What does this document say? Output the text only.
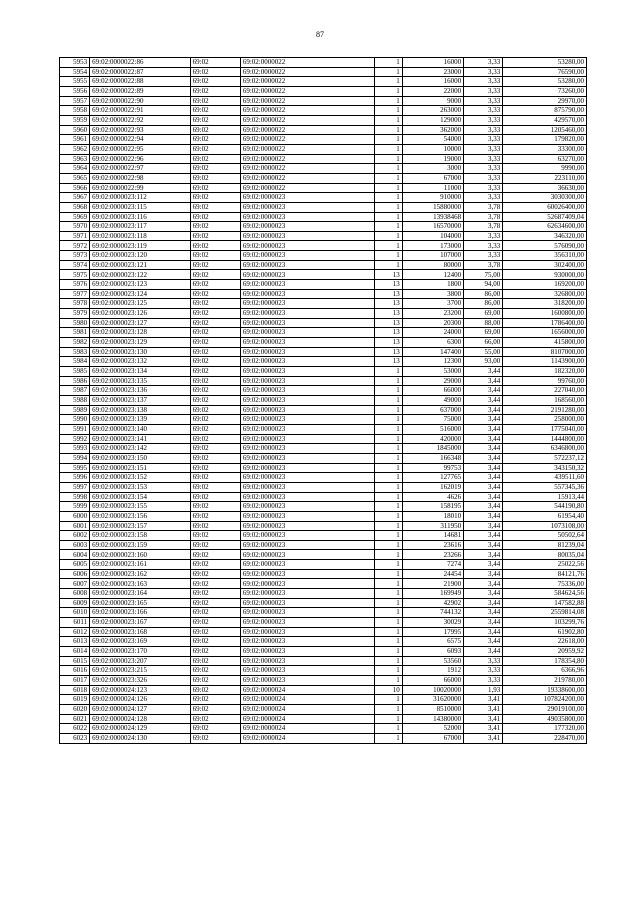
87
5953	69:02:0000022:86	69:02	69:02:0000022	1	16000	3,33	53280,00
5954	69:02:0000022:87	69:02	69:02:0000022	1	23000	3,33	76590,00
5955	69:02:0000022:88	69:02	69:02:0000022	1	16000	3,33	53280,00
5956	69:02:0000022:89	69:02	69:02:0000022	1	22000	3,33	73260,00
5957	69:02:0000022:90	69:02	69:02:0000022	1	9000	3,33	29970,00
5958	69:02:0000022:91	69:02	69:02:0000022	1	263000	3,33	875790,00
5959	69:02:0000022:92	69:02	69:02:0000022	1	129000	3,33	429570,00
5960	69:02:0000022:93	69:02	69:02:0000022	1	362000	3,33	1205460,00
5961	69:02:0000022:94	69:02	69:02:0000022	1	54000	3,33	179820,00
5962	69:02:0000022:95	69:02	69:02:0000022	1	10000	3,33	33300,00
5963	69:02:0000022:96	69:02	69:02:0000022	1	19000	3,33	63270,00
5964	69:02:0000022:97	69:02	69:02:0000022	1	3000	3,33	9990,00
5965	69:02:0000022:98	69:02	69:02:0000022	1	67000	3,33	223110,00
5966	69:02:0000022:99	69:02	69:02:0000022	1	11000	3,33	36630,00
5967	69:02:0000023:112	69:02	69:02:0000023	1	910000	3,33	3030300,00
5968	69:02:0000023:115	69:02	69:02:0000023	1	15880000	3,78	60026400,00
5969	69:02:0000023:116	69:02	69:02:0000023	1	13938468	3,78	52687409,04
5970	69:02:0000023:117	69:02	69:02:0000023	1	16570000	3,78	62634600,00
5971	69:02:0000023:118	69:02	69:02:0000023	1	104000	3,33	346320,00
5972	69:02:0000023:119	69:02	69:02:0000023	1	173000	3,33	576090,00
5973	69:02:0000023:120	69:02	69:02:0000023	1	107000	3,33	356310,00
5974	69:02:0000023:121	69:02	69:02:0000023	1	80000	3,78	302400,00
5975	69:02:0000023:122	69:02	69:02:0000023	13	12400	75,00	930000,00
5976	69:02:0000023:123	69:02	69:02:0000023	13	1800	94,00	169200,00
5977	69:02:0000023:124	69:02	69:02:0000023	13	3800	86,00	326800,00
5978	69:02:0000023:125	69:02	69:02:0000023	13	3700	86,00	318200,00
5979	69:02:0000023:126	69:02	69:02:0000023	13	23200	69,00	1600800,00
5980	69:02:0000023:127	69:02	69:02:0000023	13	20300	88,00	1786400,00
5981	69:02:0000023:128	69:02	69:02:0000023	13	24000	69,00	1656000,00
5982	69:02:0000023:129	69:02	69:02:0000023	13	6300	66,00	415800,00
5983	69:02:0000023:130	69:02	69:02:0000023	13	147400	55,00	8107000,00
5984	69:02:0000023:132	69:02	69:02:0000023	13	12300	93,00	1143900,00
5985	69:02:0000023:134	69:02	69:02:0000023	1	53000	3,44	182320,00
5986	69:02:0000023:135	69:02	69:02:0000023	1	29000	3,44	99760,00
5987	69:02:0000023:136	69:02	69:02:0000023	1	66000	3,44	227040,00
5988	69:02:0000023:137	69:02	69:02:0000023	1	49000	3,44	168560,00
5989	69:02:0000023:138	69:02	69:02:0000023	1	637000	3,44	2191280,00
5990	69:02:0000023:139	69:02	69:02:0000023	1	75000	3,44	258000,00
5991	69:02:0000023:140	69:02	69:02:0000023	1	516000	3,44	1775040,00
5992	69:02:0000023:141	69:02	69:02:0000023	1	420000	3,44	1444800,00
5993	69:02:0000023:142	69:02	69:02:0000023	1	1845000	3,44	6346800,00
5994	69:02:0000023:150	69:02	69:02:0000023	1	166348	3,44	572237,12
5995	69:02:0000023:151	69:02	69:02:0000023	1	99753	3,44	343150,32
5996	69:02:0000023:152	69:02	69:02:0000023	1	127765	3,44	439511,60
5997	69:02:0000023:153	69:02	69:02:0000023	1	162019	3,44	557345,36
5998	69:02:0000023:154	69:02	69:02:0000023	1	4626	3,44	15913,44
5999	69:02:0000023:155	69:02	69:02:0000023	1	158195	3,44	544190,80
6000	69:02:0000023:156	69:02	69:02:0000023	1	18010	3,44	61954,40
6001	69:02:0000023:157	69:02	69:02:0000023	1	311950	3,44	1073108,00
6002	69:02:0000023:158	69:02	69:02:0000023	1	14681	3,44	50502,64
6003	69:02:0000023:159	69:02	69:02:0000023	1	23616	3,44	81239,04
6004	69:02:0000023:160	69:02	69:02:0000023	1	23266	3,44	80035,04
6005	69:02:0000023:161	69:02	69:02:0000023	1	7274	3,44	25022,56
6006	69:02:0000023:162	69:02	69:02:0000023	1	24454	3,44	84121,76
6007	69:02:0000023:163	69:02	69:02:0000023	1	21900	3,44	75336,00
6008	69:02:0000023:164	69:02	69:02:0000023	1	169949	3,44	584624,56
6009	69:02:0000023:165	69:02	69:02:0000023	1	42902	3,44	147582,88
6010	69:02:0000023:166	69:02	69:02:0000023	1	744132	3,44	2559814,08
6011	69:02:0000023:167	69:02	69:02:0000023	1	30029	3,44	103299,76
6012	69:02:0000023:168	69:02	69:02:0000023	1	17995	3,44	61902,80
6013	69:02:0000023:169	69:02	69:02:0000023	1	6575	3,44	22618,00
6014	69:02:0000023:170	69:02	69:02:0000023	1	6093	3,44	20959,92
6015	69:02:0000023:207	69:02	69:02:0000023	1	53560	3,33	178354,80
6016	69:02:0000023:215	69:02	69:02:0000023	1	1912	3,33	6366,96
6017	69:02:0000023:326	69:02	69:02:0000023	1	66000	3,33	219780,00
6018	69:02:0000024:123	69:02	69:02:0000024	10	10020000	1,93	19338600,00
6019	69:02:0000024:126	69:02	69:02:0000024	1	31620000	3,41	107824200,00
6020	69:02:0000024:127	69:02	69:02:0000024	1	8510000	3,41	29019100,00
6021	69:02:0000024:128	69:02	69:02:0000024	1	14380000	3,41	49035800,00
6022	69:02:0000024:129	69:02	69:02:0000024	1	52000	3,41	177320,00
6023	69:02:0000024:130	69:02	69:02:0000024	1	67000	3,41	228470,00
